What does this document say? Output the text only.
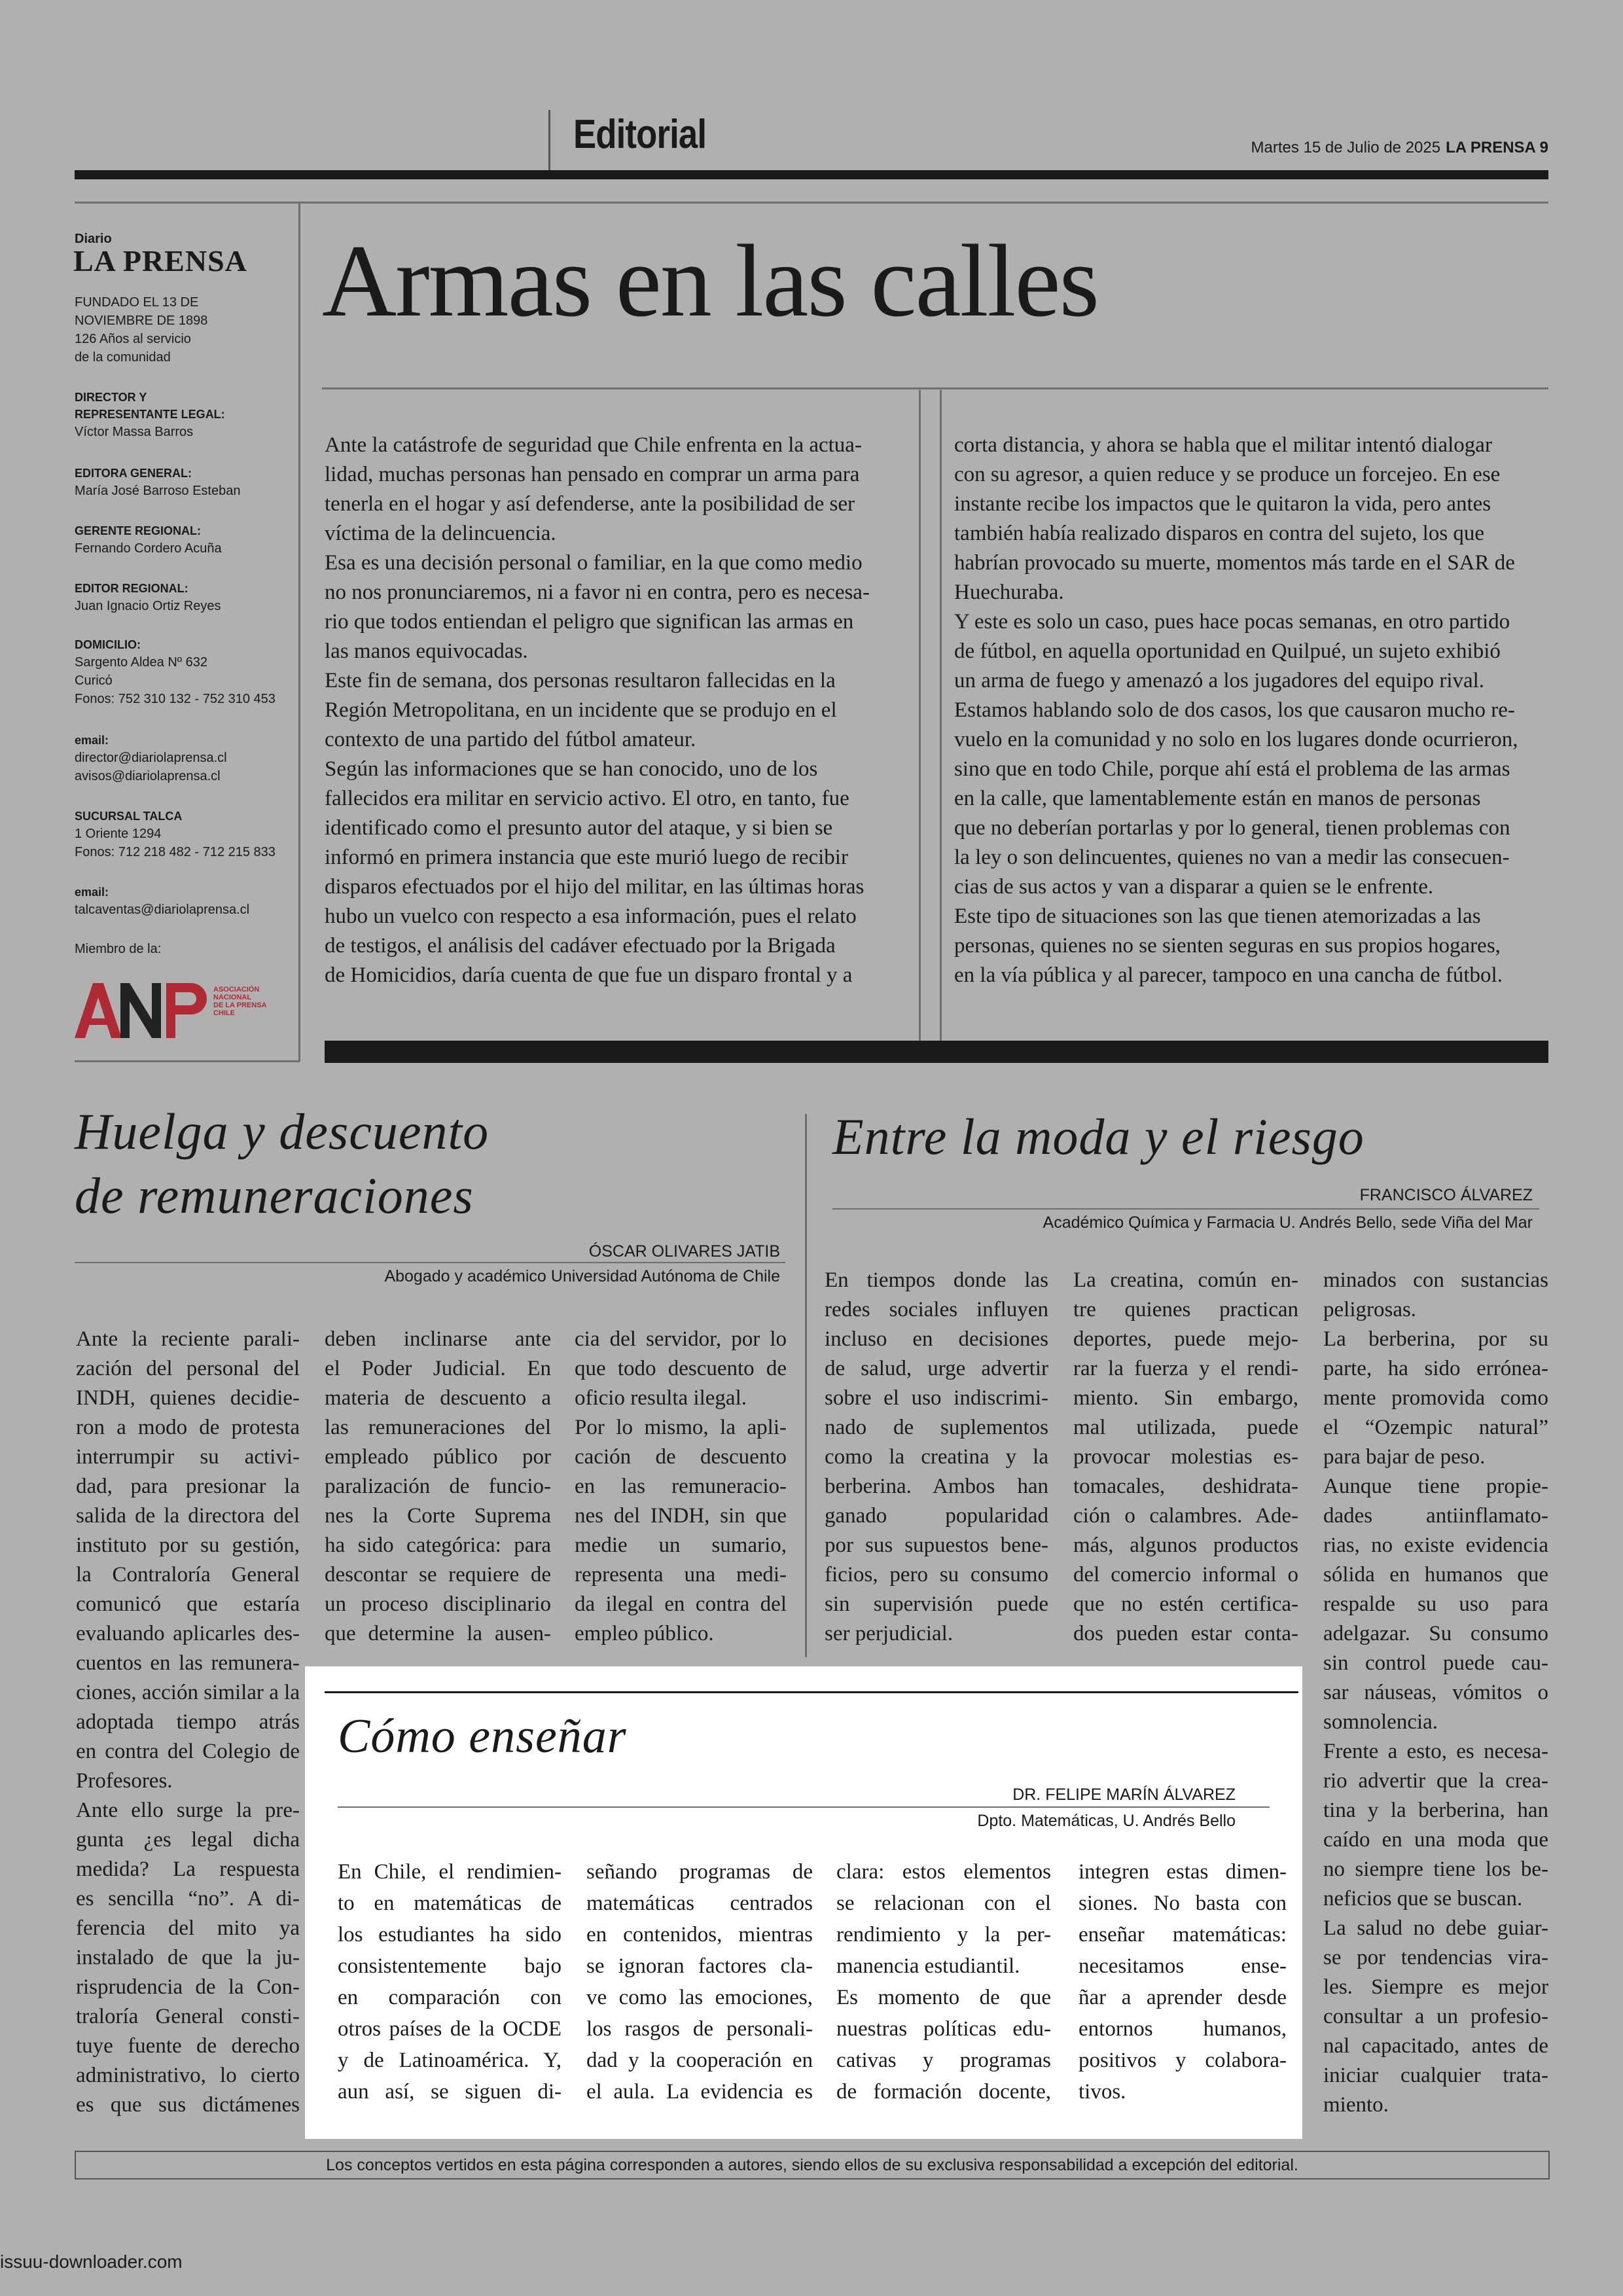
Editorial	Martes 15 de Julio de 2025 LA PRENSA 9
Diario
LA PRENSA
FUNDADO EL 13 DE
NOVIEMBRE DE 1898
126 Años al servicio
de la comunidad
DIRECTOR Y
REPRESENTANTE LEGAL:
Víctor Massa Barros
EDITORA GENERAL:
María José Barroso Esteban
GERENTE REGIONAL:
Fernando Cordero Acuña
EDITOR REGIONAL:
Juan Ignacio Ortiz Reyes
DOMICILIO:
Sargento Aldea Nº 632
Curicó
Fonos: 752 310 132 - 752 310 453
email:
director@diariolaprensa.cl
avisos@diariolaprensa.cl
SUCURSAL TALCA
1 Oriente 1294
Fonos: 712 218 482 - 712 215 833
email:
talcaventas@diariolaprensa.cl
Miembro de la:
ASOCIACIÓN
NACIONAL
DE LA PRENSA
CHILE
Armas en las calles
Ante la catástrofe de seguridad que Chile enfrenta en la actua-
lidad, muchas personas han pensado en comprar un arma para
tenerla en el hogar y así defenderse, ante la posibilidad de ser
víctima de la delincuencia.
Esa es una decisión personal o familiar, en la que como medio
no nos pronunciaremos, ni a favor ni en contra, pero es necesa-
rio que todos entiendan el peligro que significan las armas en
las manos equivocadas.
Este fin de semana, dos personas resultaron fallecidas en la
Región Metropolitana, en un incidente que se produjo en el
contexto de una partido del fútbol amateur.
Según las informaciones que se han conocido, uno de los
fallecidos era militar en servicio activo. El otro, en tanto, fue
identificado como el presunto autor del ataque, y si bien se
informó en primera instancia que este murió luego de recibir
disparos efectuados por el hijo del militar, en las últimas horas
hubo un vuelco con respecto a esa información, pues el relato
de testigos, el análisis del cadáver efectuado por la Brigada
de Homicidios, daría cuenta de que fue un disparo frontal y a
corta distancia, y ahora se habla que el militar intentó dialogar
con su agresor, a quien reduce y se produce un forcejeo. En ese
instante recibe los impactos que le quitaron la vida, pero antes
también había realizado disparos en contra del sujeto, los que
habrían provocado su muerte, momentos más tarde en el SAR de
Huechuraba.
Y este es solo un caso, pues hace pocas semanas, en otro partido
de fútbol, en aquella oportunidad en Quilpué, un sujeto exhibió
un arma de fuego y amenazó a los jugadores del equipo rival.
Estamos hablando solo de dos casos, los que causaron mucho re-
vuelo en la comunidad y no solo en los lugares donde ocurrieron,
sino que en todo Chile, porque ahí está el problema de las armas
en la calle, que lamentablemente están en manos de personas
que no deberían portarlas y por lo general, tienen problemas con
la ley o son delincuentes, quienes no van a medir las consecuen-
cias de sus actos y van a disparar a quien se le enfrente.
Este tipo de situaciones son las que tienen atemorizadas a las
personas, quienes no se sienten seguras en sus propios hogares,
en la vía pública y al parecer, tampoco en una cancha de fútbol.
Huelga y descuento
de remuneraciones
ÓSCAR OLIVARES JATIB
Abogado y académico Universidad Autónoma de Chile
Ante la reciente parali-
zación del personal del
INDH, quienes decidie-
ron a modo de protesta
interrumpir su activi-
dad, para presionar la
salida de la directora del
instituto por su gestión,
la Contraloría General
comunicó que estaría
evaluando aplicarles des-
cuentos en las remunera-
ciones, acción similar a la
adoptada tiempo atrás
en contra del Colegio de
Profesores.
Ante ello surge la pre-
gunta ¿es legal dicha
medida? La respuesta
es sencilla “no”. A di-
ferencia del mito ya
instalado de que la ju-
risprudencia de la Con-
traloría General consti-
tuye fuente de derecho
administrativo, lo cierto
es que sus dictámenes
deben inclinarse ante
el Poder Judicial. En
materia de descuento a
las remuneraciones del
empleado público por
paralización de funcio-
nes la Corte Suprema
ha sido categórica: para
descontar se requiere de
un proceso disciplinario
que determine la ausen-
cia del servidor, por lo
que todo descuento de
oficio resulta ilegal.
Por lo mismo, la apli-
cación de descuento
en las remuneracio-
nes del INDH, sin que
medie un sumario,
representa una medi-
da ilegal en contra del
empleo público.
Entre la moda y el riesgo
FRANCISCO ÁLVAREZ
Académico Química y Farmacia U. Andrés Bello, sede Viña del Mar
En tiempos donde las
redes sociales influyen
incluso en decisiones
de salud, urge advertir
sobre el uso indiscrimi-
nado de suplementos
como la creatina y la
berberina. Ambos han
ganado popularidad
por sus supuestos bene-
ficios, pero su consumo
sin supervisión puede
ser perjudicial.
La creatina, común en-
tre quienes practican
deportes, puede mejo-
rar la fuerza y el rendi-
miento. Sin embargo,
mal utilizada, puede
provocar molestias es-
tomacales, deshidrata-
ción o calambres. Ade-
más, algunos productos
del comercio informal o
que no estén certifica-
dos pueden estar conta-
minados con sustancias
peligrosas.
La berberina, por su
parte, ha sido erróneа-
mente promovida como
el “Ozempic natural”
para bajar de peso.
Aunque tiene propie-
dades antiinflamato-
rias, no existe evidencia
sólida en humanos que
respalde su uso para
adelgazar. Su consumo
sin control puede cau-
sar náuseas, vómitos o
somnolencia.
Frente a esto, es necesa-
rio advertir que la crea-
tina y la berberina, han
caído en una moda que
no siempre tiene los be-
neficios que se buscan.
La salud no debe guiar-
se por tendencias vira-
les. Siempre es mejor
consultar a un profesio-
nal capacitado, antes de
iniciar cualquier trata-
miento.
Cómo enseñar
DR. FELIPE MARÍN ÁLVAREZ
Dpto. Matemáticas, U. Andrés Bello
En Chile, el rendimien-
to en matemáticas de
los estudiantes ha sido
consistentemente bajo
en comparación con
otros países de la OCDE
y de Latinoamérica. Y,
aun así, se siguen di-
señando programas de
matemáticas centrados
en contenidos, mientras
se ignoran factores cla-
ve como las emociones,
los rasgos de personali-
dad y la cooperación en
el aula. La evidencia es
clara: estos elementos
se relacionan con el
rendimiento y la per-
manencia estudiantil.
Es momento de que
nuestras políticas edu-
cativas y programas
de formación docente,
integren estas dimen-
siones. No basta con
enseñar matemáticas:
necesitamos ense-
ñar a aprender desde
entornos humanos,
positivos y colabora-
tivos.
Los conceptos vertidos en esta página corresponden a autores, siendo ellos de su exclusiva responsabilidad a excepción del editorial.
issuu-downloader.com
